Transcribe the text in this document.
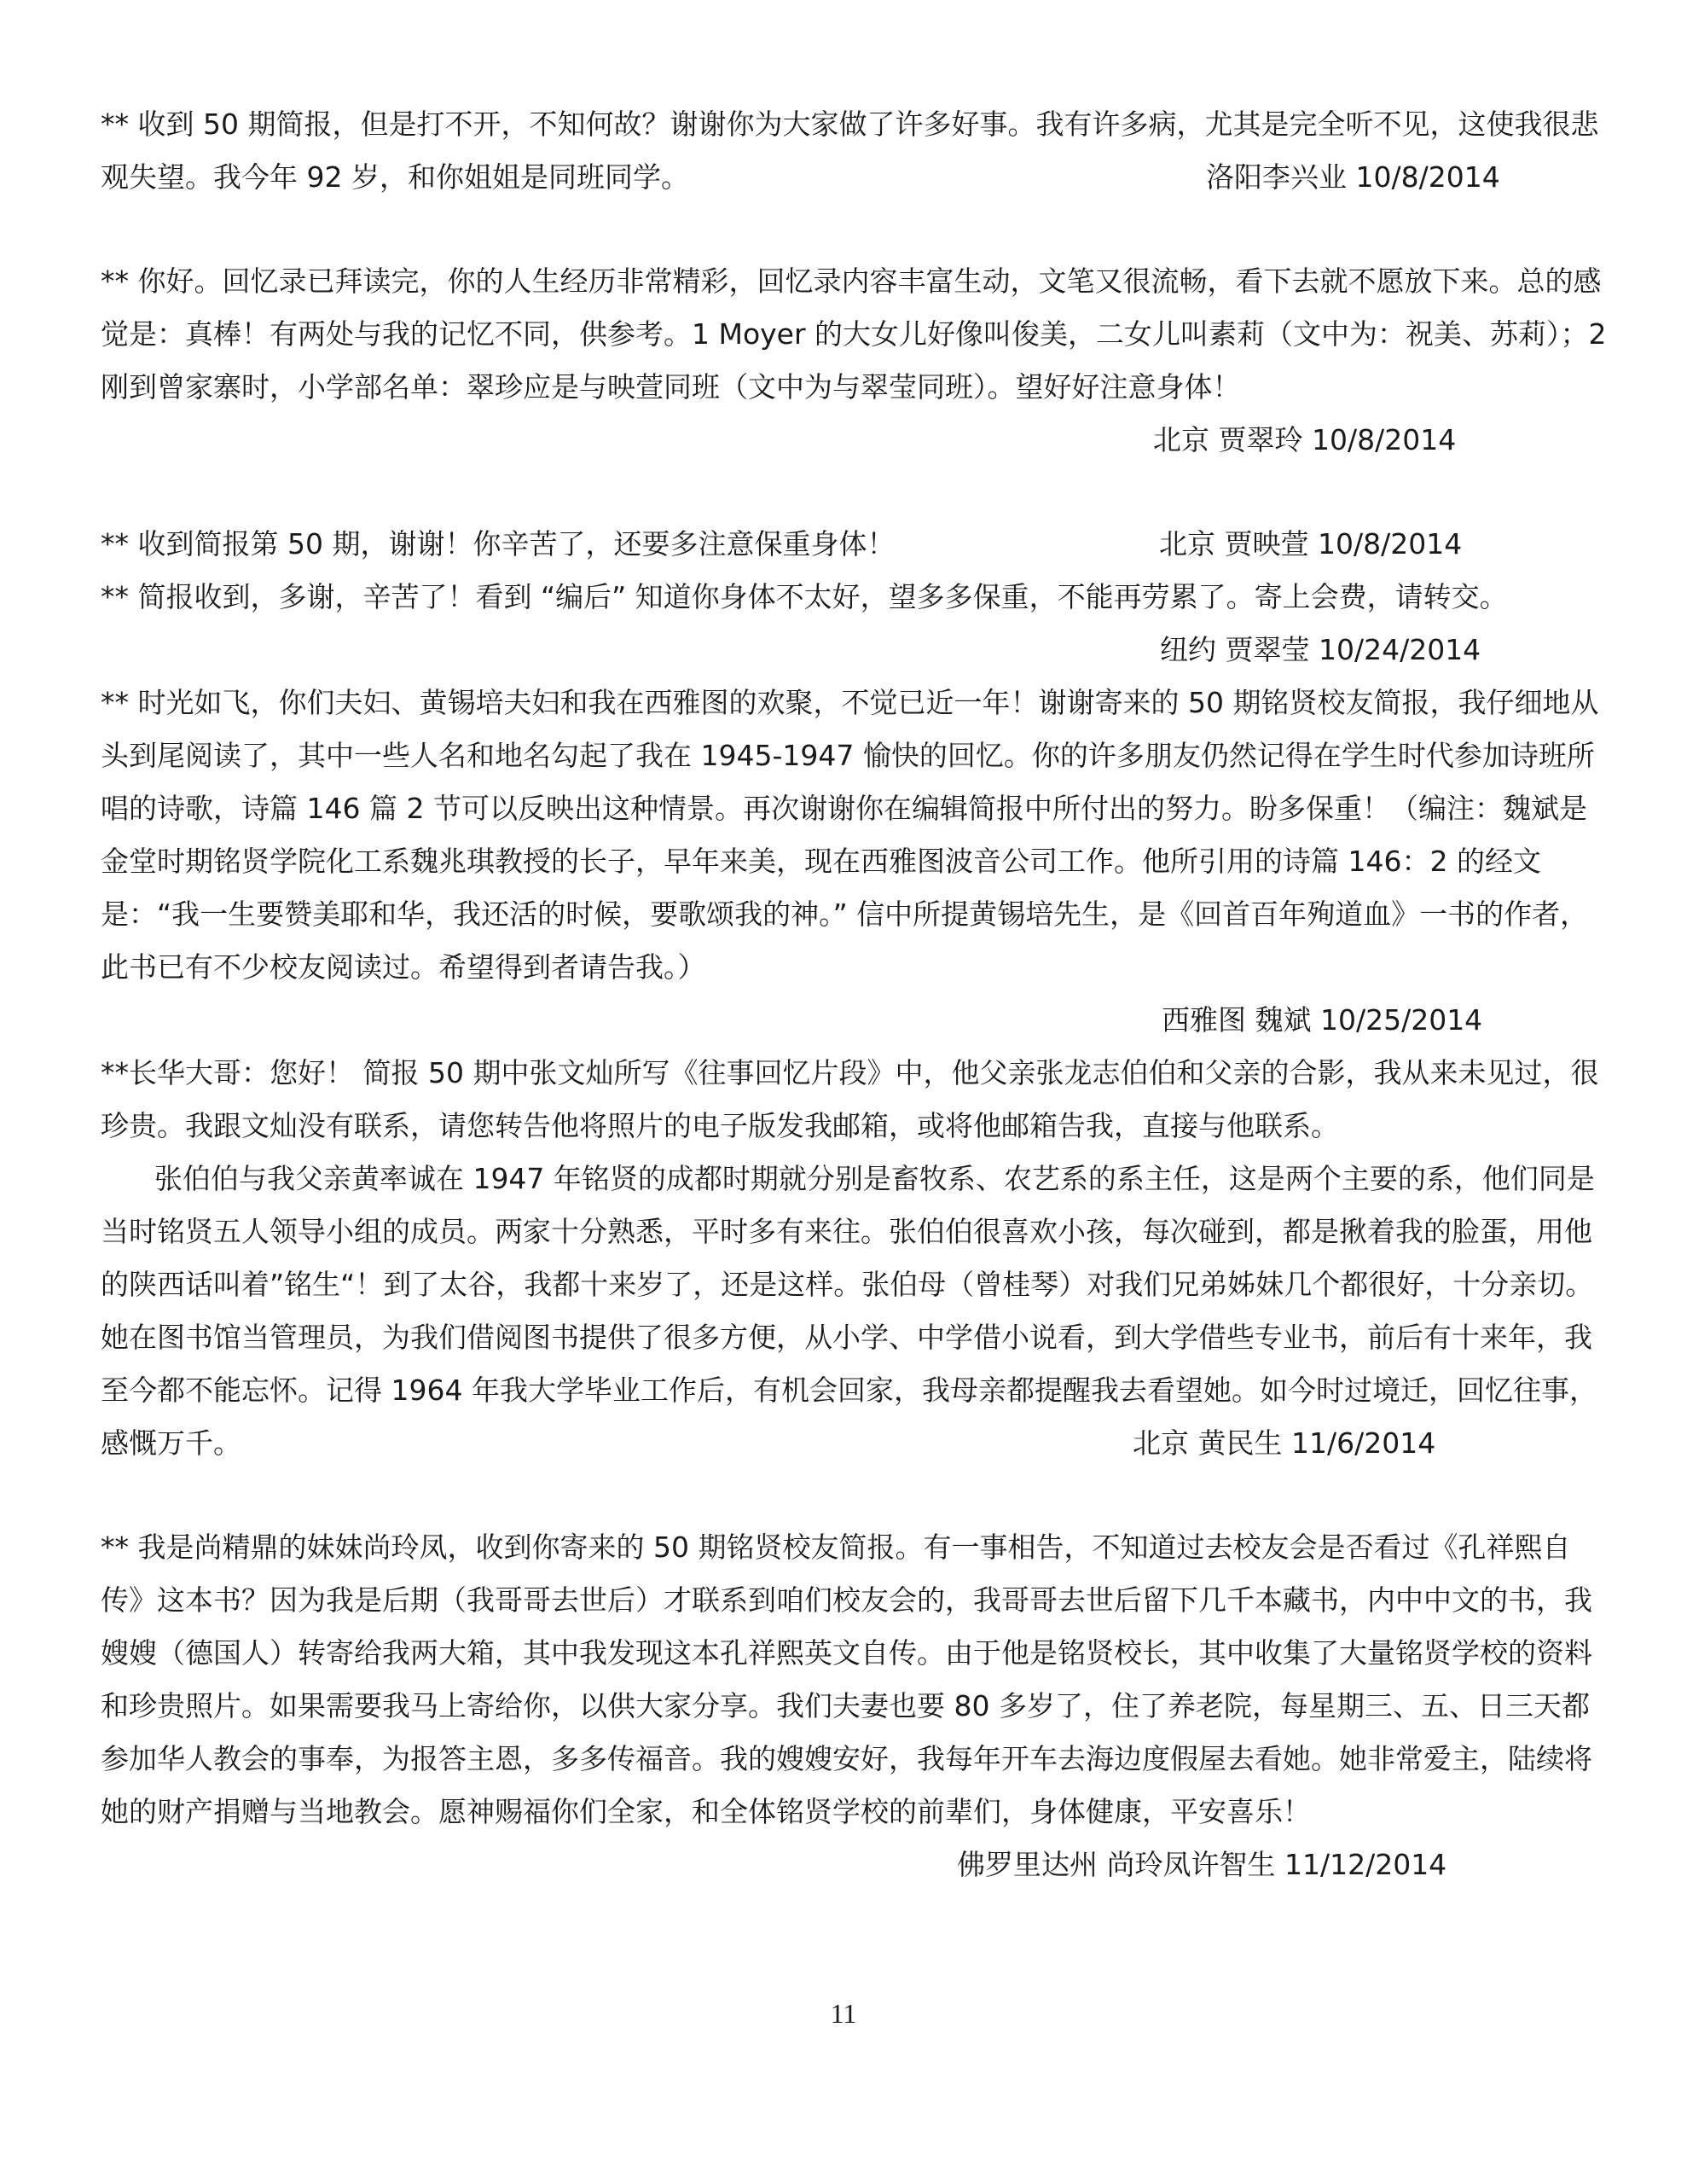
** 收到 50 期简报，但是打不开，不知何故？谢谢你为大家做了许多好事。我有许多病，尤其是完全听不见，这使我很悲观失望。我今年 92 岁，和你姐姐是同班同学。	洛阳李兴业 10/8/2014

** 你好。回忆录已拜读完，你的人生经历非常精彩，回忆录内容丰富生动，文笔又很流畅，看下去就不愿放下来。总的感觉是：真棒！有两处与我的记忆不同，供参考。1 Moyer 的大女儿好像叫俊美，二女儿叫素莉（文中为：祝美、苏莉）；2 刚到曾家寨时，小学部名单：翠珍应是与映萱同班（文中为与翠莹同班）。望好好注意身体！

北京 贾翠玲 10/8/2014

** 收到简报第 50 期，谢谢！你辛苦了，还要多注意保重身体！	北京 贾映萱 10/8/2014

** 简报收到，多谢，辛苦了！看到 “编后” 知道你身体不太好，望多多保重，不能再劳累了。寄上会费，请转交。

纽约 贾翠莹 10/24/2014

** 时光如飞，你们夫妇、黄锡培夫妇和我在西雅图的欢聚，不觉已近一年！谢谢寄来的 50 期铭贤校友简报，我仔细地从头到尾阅读了，其中一些人名和地名勾起了我在 1945-1947 愉快的回忆。你的许多朋友仍然记得在学生时代参加诗班所唱的诗歌，诗篇 146 篇 2 节可以反映出这种情景。再次谢谢你在编辑简报中所付出的努力。盼多保重！（编注：魏斌是金堂时期铭贤学院化工系魏兆琪教授的长子，早年来美，现在西雅图波音公司工作。他所引用的诗篇 146：2 的经文是：“我一生要赞美耶和华，我还活的时候，要歌颂我的神。” 信中所提黄锡培先生，是《回首百年殉道血》一书的作者，此书已有不少校友阅读过。希望得到者请告我。）

西雅图 魏斌 10/25/2014

**长华大哥：您好！ 简报 50 期中张文灿所写《往事回忆片段》中，他父亲张龙志伯伯和父亲的合影，我从来未见过，很珍贵。我跟文灿没有联系，请您转告他将照片的电子版发我邮箱，或将他邮箱告我，直接与他联系。
张伯伯与我父亲黄率诚在 1947 年铭贤的成都时期就分别是畜牧系、农艺系的系主任，这是两个主要的系，他们同是当时铭贤五人领导小组的成员。两家十分熟悉，平时多有来往。张伯伯很喜欢小孩，每次碰到，都是揪着我的脸蛋，用他的陕西话叫着”铭生“！到了太谷，我都十来岁了，还是这样。张伯母（曾桂琴）对我们兄弟姊妹几个都很好，十分亲切。她在图书馆当管理员，为我们借阅图书提供了很多方便，从小学、中学借小说看，到大学借些专业书，前后有十来年，我至今都不能忘怀。记得 1964 年我大学毕业工作后，有机会回家，我母亲都提醒我去看望她。如今时过境迁，回忆往事，感慨万千。	北京 黄民生 11/6/2014

** 我是尚精鼎的妹妹尚玲凤，收到你寄来的 50 期铭贤校友简报。有一事相告，不知道过去校友会是否看过《孔祥熙自传》这本书？因为我是后期（我哥哥去世后）才联系到咱们校友会的，我哥哥去世后留下几千本藏书，内中中文的书，我嫂嫂（德国人）转寄给我两大箱，其中我发现这本孔祥熙英文自传。由于他是铭贤校长，其中收集了大量铭贤学校的资料和珍贵照片。如果需要我马上寄给你，以供大家分享。我们夫妻也要 80 多岁了，住了养老院，每星期三、五、日三天都参加华人教会的事奉，为报答主恩，多多传福音。我的嫂嫂安好，我每年开车去海边度假屋去看她。她非常爱主，陆续将她的财产捐赠与当地教会。愿神赐福你们全家，和全体铭贤学校的前辈们，身体健康，平安喜乐！

佛罗里达州 尚玲凤许智生 11/12/2014

11
